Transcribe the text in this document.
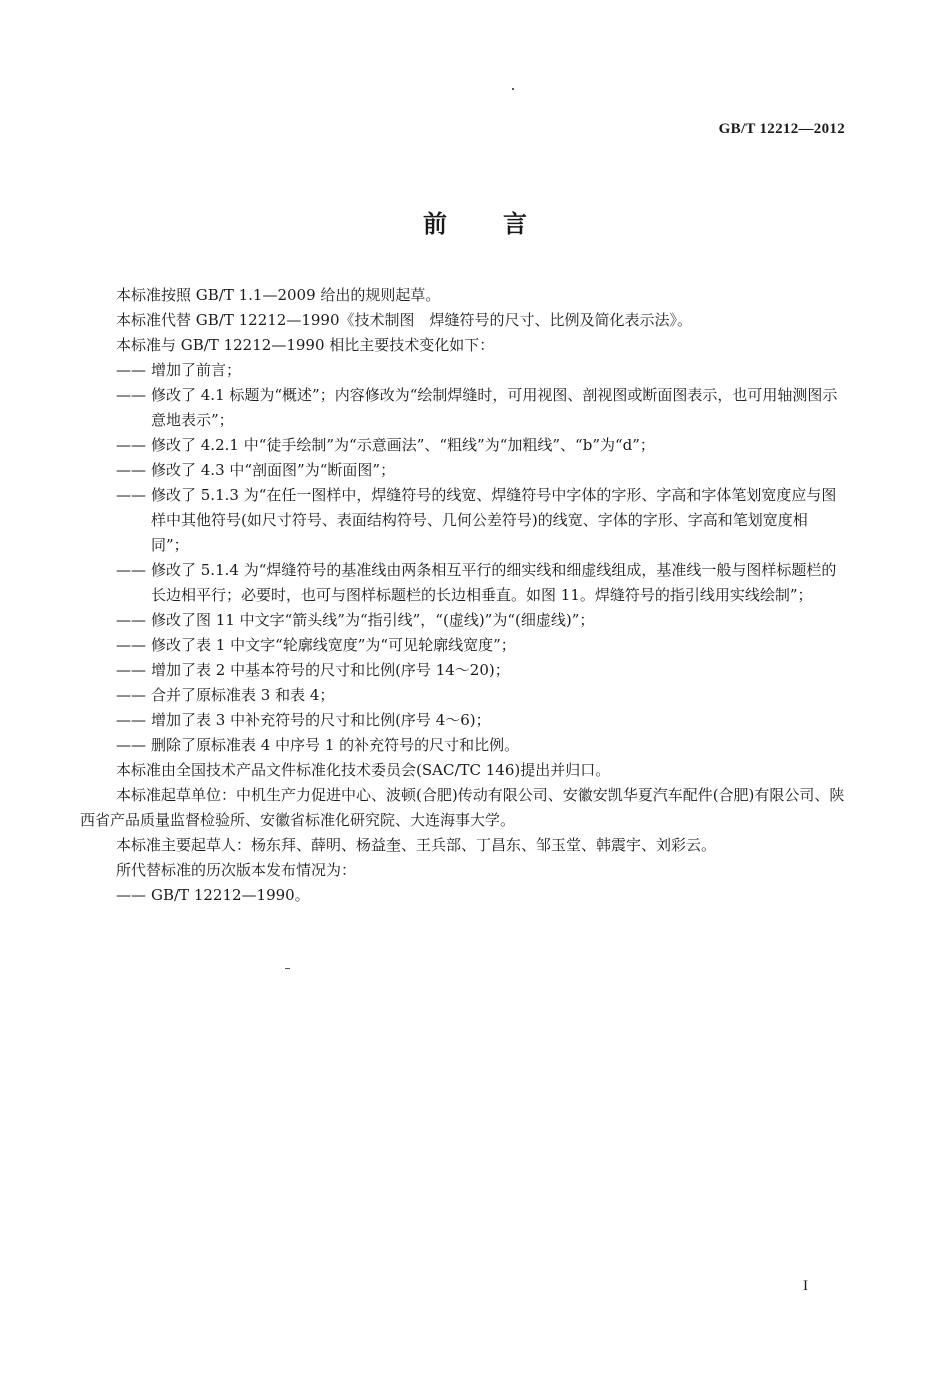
GB/T 12212—2012
前言

本标准按照 GB/T 1.1—2009 给出的规则起草。

本标准代替 GB/T 12212—1990《技术制图　焊缝符号的尺寸、比例及简化表示法》。

本标准与 GB/T 12212—1990 相比主要技术变化如下：

—— 增加了前言；
—— 修改了 4.1 标题为“概述”；内容修改为“绘制焊缝时，可用视图、剖视图或断面图表示，也可用轴测图示意地表示”；
—— 修改了 4.2.1 中“徒手绘制”为“示意画法”、“粗线”为“加粗线”、“b”为“d”；
—— 修改了 4.3 中“剖面图”为“断面图”；
—— 修改了 5.1.3 为“在任一图样中，焊缝符号的线宽、焊缝符号中字体的字形、字高和字体笔划宽度应与图样中其他符号(如尺寸符号、表面结构符号、几何公差符号)的线宽、字体的字形、字高和笔划宽度相同”；
—— 修改了 5.1.4 为“焊缝符号的基准线由两条相互平行的细实线和细虚线组成，基准线一般与图样标题栏的长边相平行；必要时，也可与图样标题栏的长边相垂直。如图 11。焊缝符号的指引线用实线绘制”；
—— 修改了图 11 中文字“箭头线”为“指引线”，“(虚线)”为“(细虚线)”；
—— 修改了表 1 中文字“轮廓线宽度”为“可见轮廓线宽度”；
—— 增加了表 2 中基本符号的尺寸和比例(序号 14～20)；
—— 合并了原标准表 3 和表 4；
—— 增加了表 3 中补充符号的尺寸和比例(序号 4～6)；
—— 删除了原标准表 4 中序号 1 的补充符号的尺寸和比例。

本标准由全国技术产品文件标准化技术委员会(SAC/TC 146)提出并归口。

本标准起草单位：中机生产力促进中心、波顿(合肥)传动有限公司、安徽安凯华夏汽车配件(合肥)有限公司、陕西省产品质量监督检验所、安徽省标准化研究院、大连海事大学。

本标准主要起草人：杨东拜、薛明、杨益奎、王兵部、丁昌东、邹玉堂、韩震宇、刘彩云。

所代替标准的历次版本发布情况为：

—— GB/T 12212—1990。
I
